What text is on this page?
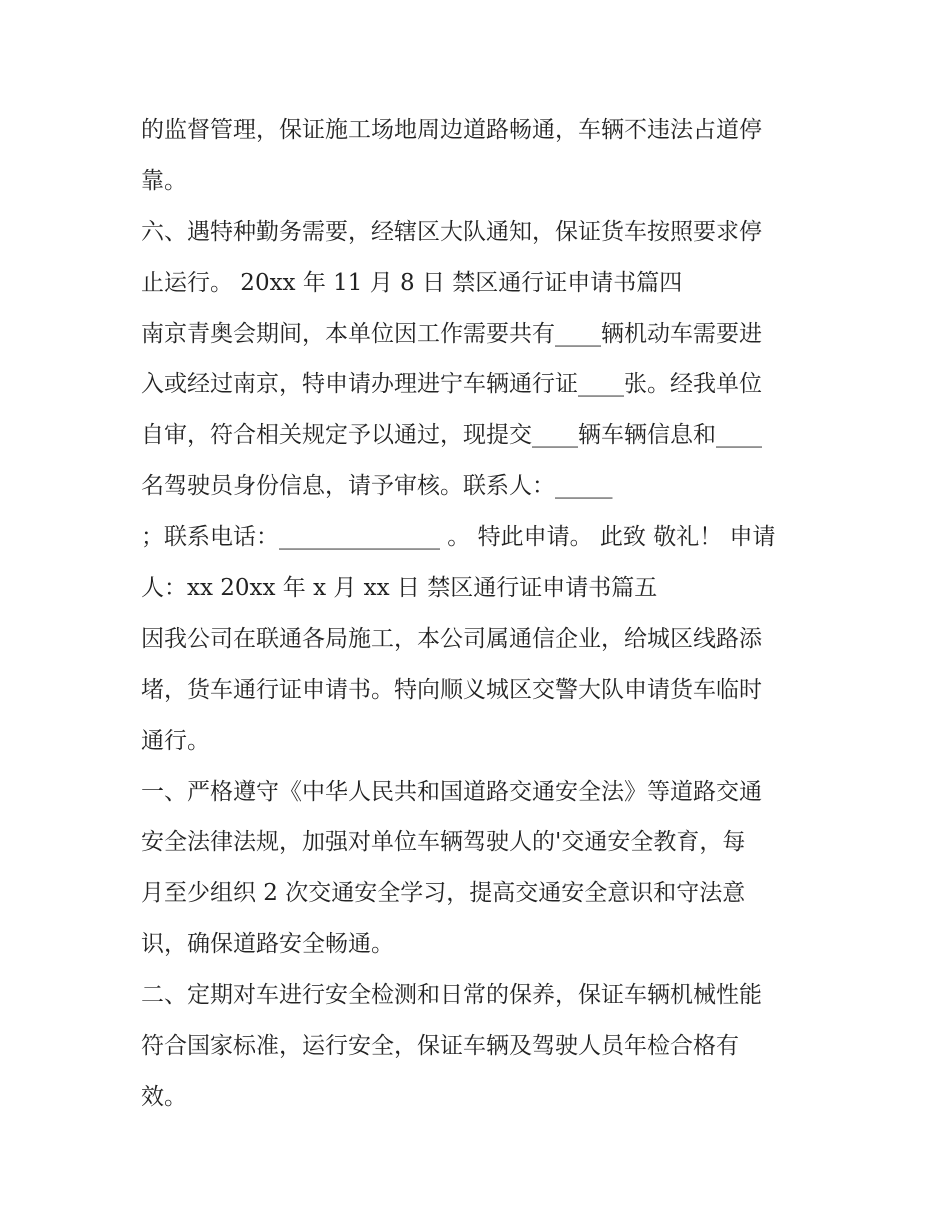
的监督管理，保证施工场地周边道路畅通，车辆不违法占道停
靠。
六、遇特种勤务需要，经辖区大队通知，保证货车按照要求停
止运行。 20xx 年 11 月 8 日 禁区通行证申请书篇四
南京青奥会期间，本单位因工作需要共有____辆机动车需要进
入或经过南京，特申请办理进宁车辆通行证____张。经我单位
自审，符合相关规定予以通过，现提交____辆车辆信息和____
名驾驶员身份信息，请予审核。联系人：_____
；联系电话：______________ 。 特此申请。 此致 敬礼！ 申请
人：xx 20xx 年 x 月 xx 日 禁区通行证申请书篇五
因我公司在联通各局施工，本公司属通信企业，给城区线路添
堵，货车通行证申请书。特向顺义城区交警大队申请货车临时
通行。
一、严格遵守《中华人民共和国道路交通安全法》等道路交通
安全法律法规，加强对单位车辆驾驶人的'交通安全教育，每
月至少组织 2 次交通安全学习，提高交通安全意识和守法意
识，确保道路安全畅通。
二、定期对车进行安全检测和日常的保养，保证车辆机械性能
符合国家标准，运行安全，保证车辆及驾驶人员年检合格有
效。
